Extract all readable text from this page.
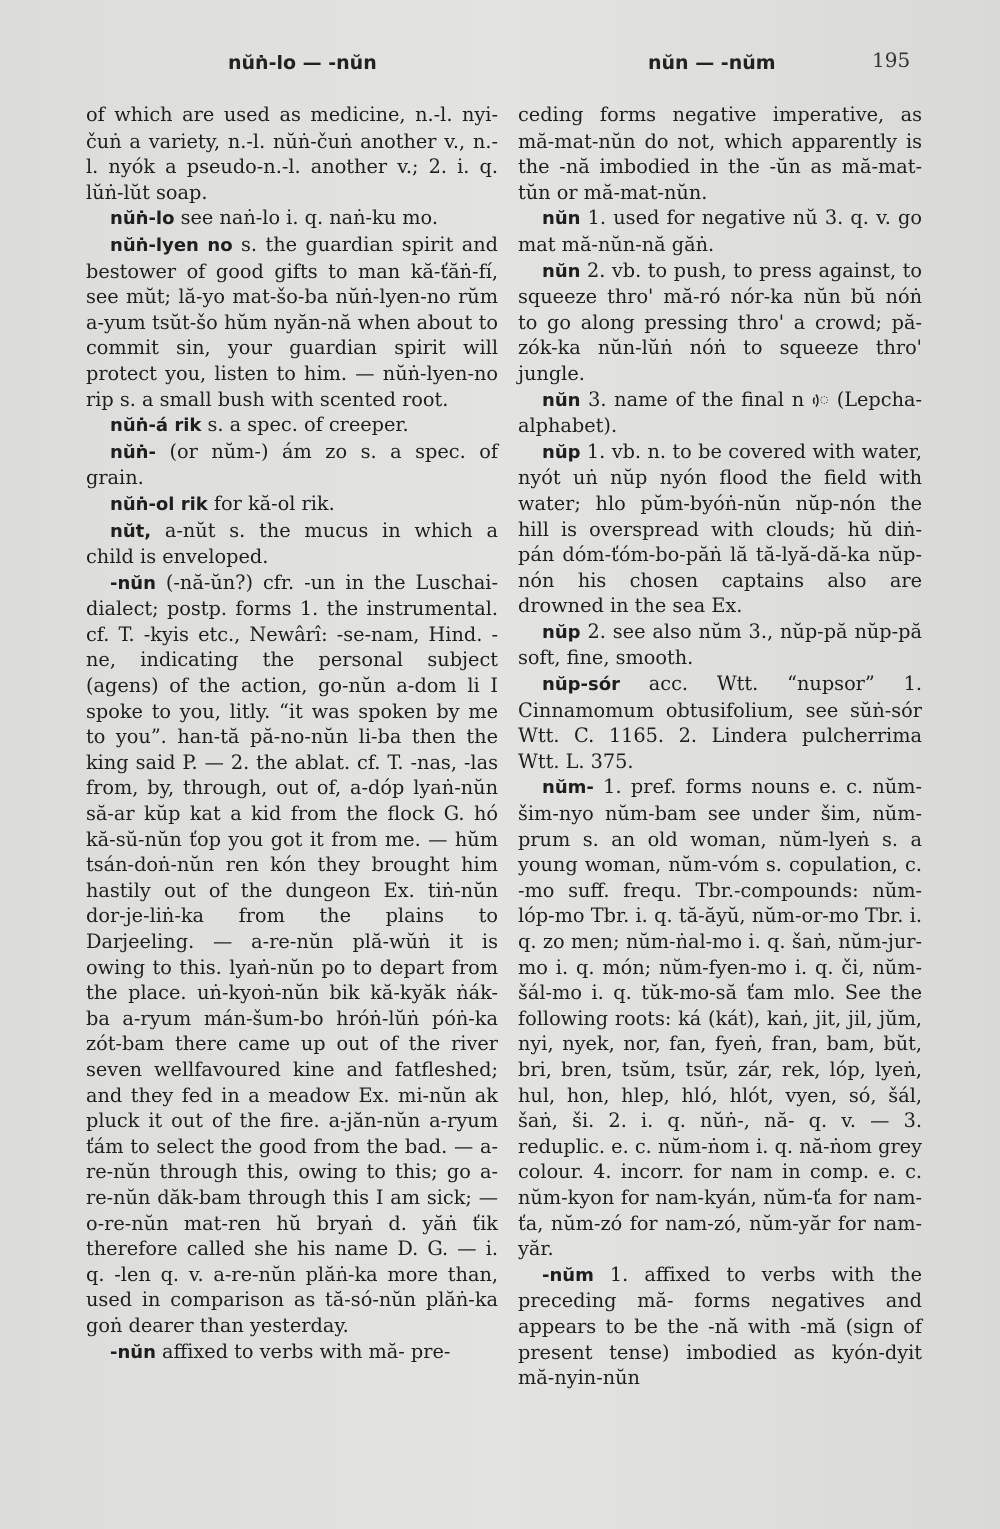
nŭṅ-lo — -nŭn	nŭn — -nŭm	195

of which are used as medicine, n.-l. nyi-čuṅ a variety, n.-l. nŭṅ-čuṅ another v., n.-l. nyók a pseudo-n.-l. another v.; 2. i. q. lŭṅ-lŭt soap.

nŭṅ-lo see naṅ-lo i. q. naṅ-ku mo.

nŭṅ-lyen no s. the guardian spirit and bestower of good gifts to man kă-ťăṅ-fí, see mŭt; lă-yo mat-šo-ba nŭṅ-lyen-no rŭm a-yum tsŭt-šo hŭm nyăn-nă when about to commit sin, your guardian spirit will protect you, listen to him. — nŭṅ-lyen-no rip s. a small bush with scented root.

nŭṅ-á rik s. a spec. of creeper.

nŭṅ- (or nŭm-) ám zo s. a spec. of grain.

nŭṅ-ol rik for kă-ol rik.

nŭt, a-nŭt s. the mucus in which a child is enveloped.

-nŭn (-nă-ŭn?) cfr. -un in the Luschai-dialect; postp. forms 1. the instrumental. cf. T. -kyis etc., Newârî: -se-nam, Hind. -ne, indicating the personal subject (agens) of the action, go-nŭn a-dom li I spoke to you, litly. “it was spoken by me to you”. han-tă pă-no-nŭn li-ba then the king said P. — 2. the ablat. cf. T. -nas, -las from, by, through, out of, a-dóp lyaṅ-nŭn să-ar kŭp kat a kid from the flock G. hó kă-sŭ-nŭn ťop you got it from me. — hŭm tsán-doṅ-nŭn ren kón they brought him hastily out of the dungeon Ex. tiṅ-nŭn dor-je-liṅ-ka from the plains to Darjeeling. — a-re-nŭn plă-wŭṅ it is owing to this. lyaṅ-nŭn po to depart from the place. uṅ-kyoṅ-nŭn bik kă-kyăk ṅák-ba a-ryum mán-šum-bo hróṅ-lŭṅ póṅ-ka zót-bam there came up out of the river seven wellfavoured kine and fatfleshed; and they fed in a meadow Ex. mi-nŭn ak pluck it out of the fire. a-jăn-nŭn a-ryum ťám to select the good from the bad. — a-re-nŭn through this, owing to this; go a-re-nŭn dăk-bam through this I am sick; — o-re-nŭn mat-ren hŭ bryaṅ d. yăṅ ťik therefore called she his name D. G. — i. q. -len q. v. a-re-nŭn plăṅ-ka more than, used in comparison as tă-só-nŭn plăṅ-ka goṅ dearer than yesterday.

-nŭn affixed to verbs with mă- pre-

ceding forms negative imperative, as mă-mat-nŭn do not, which apparently is the -nă imbodied in the -ŭn as mă-mat-tŭn or mă-mat-nŭn.

nŭn 1. used for negative nŭ 3. q. v. go mat mă-nŭn-nă găṅ.

nŭn 2. vb. to push, to press against, to squeeze thro' mă-ró nór-ka nŭn bŭ nóṅ to go along pressing thro' a crowd; pă-zók-ka nŭn-lŭṅ nóṅ to squeeze thro' jungle.

nŭn 3. name of the final n ᰴ (Lepcha-alphabet).

nŭp 1. vb. n. to be covered with water, nyót uṅ nŭp nyón flood the field with water; hlo pŭm-byóṅ-nŭn nŭp-nón the hill is overspread with clouds; hŭ diṅ-pán dóm-ťóm-bo-păṅ lă tă-lyă-dă-ka nŭp-nón his chosen captains also are drowned in the sea Ex.

nŭp 2. see also nŭm 3., nŭp-pă nŭp-pă soft, fine, smooth.

nŭp-sór acc. Wtt. “nupsor” 1. Cinnamomum obtusifolium, see sŭṅ-sór Wtt. C. 1165. 2. Lindera pulcherrima Wtt. L. 375.

nŭm- 1. pref. forms nouns e. c. nŭm-šim-nyo nŭm-bam see under šim, nŭm-prum s. an old woman, nŭm-lyeṅ s. a young woman, nŭm-vóm s. copulation, c. -mo suff. frequ. Tbr.-compounds: nŭm-lóp-mo Tbr. i. q. tă-ăyŭ, nŭm-or-mo Tbr. i. q. zo men; nŭm-ṅal-mo i. q. šaṅ, nŭm-jur-mo i. q. món; nŭm-fyen-mo i. q. či, nŭm-šál-mo i. q. tŭk-mo-să ťam mlo. See the following roots: ká (kát), kaṅ, jit, jil, jŭm, nyi, nyek, nor, fan, fyeṅ, fran, bam, bŭt, bri, bren, tsŭm, tsŭr, zár, rek, lóp, lyeṅ, hul, hon, hlep, hló, hlót, vyen, só, šál, šaṅ, ši. 2. i. q. nŭṅ-, nă- q. v. — 3. reduplic. e. c. nŭm-ṅom i. q. nă-ṅom grey colour. 4. incorr. for nam in comp. e. c. nŭm-kyon for nam-kyán, nŭm-ťa for nam-ťa, nŭm-zó for nam-zó, nŭm-yăr for nam-yăr.

-nŭm 1. affixed to verbs with the preceding mă- forms negatives and appears to be the -nă with -mă (sign of present tense) imbodied as kyón-dyit mă-nyin-nŭn
